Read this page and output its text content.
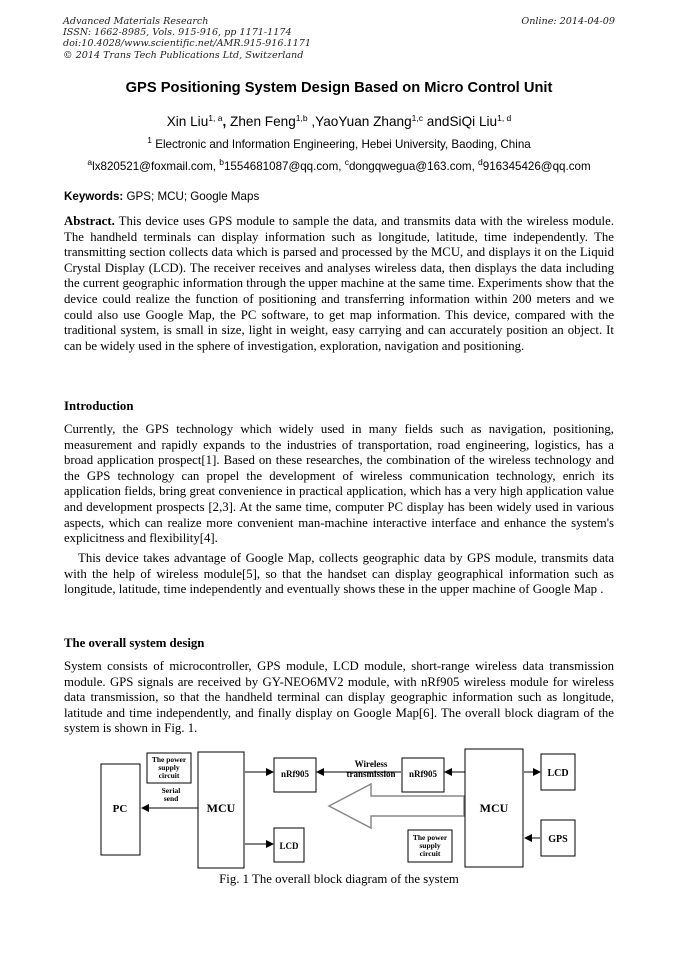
Advanced Materials Research
ISSN: 1662-8985, Vols. 915-916, pp 1171-1174
doi:10.4028/www.scientific.net/AMR.915-916.1171
© 2014 Trans Tech Publications Ltd, Switzerland
Online: 2014-04-09
GPS Positioning System Design Based on Micro Control Unit
Xin Liu$^{1, a}$, Zhen Feng$^{1,b}$ ,YaoYuan Zhang$^{1,c}$ andSiQi Liu$^{1, d}$
$^1$ Electronic and Information Engineering, Hebei University, Baoding, China
$^a$lx820521@foxmail.com, $^b$1554681087@qq.com, $^c$dongqwegua@163.com, $^d$916345426@qq.com
Keywords: GPS; MCU; Google Maps

Abstract. This device uses GPS module to sample the data, and transmits data with the wireless module. The handheld terminals can display information such as longitude, latitude, time independently. The transmitting section collects data which is parsed and processed by the MCU, and displays it on the Liquid Crystal Display (LCD). The receiver receives and analyses wireless data, then displays the data including the current geographic information through the upper machine at the same time. Experiments show that the device could realize the function of positioning and transferring information within 200 meters and we could also use Google Map, the PC software, to get map information. This device, compared with the traditional system, is small in size, light in weight, easy carrying and can accurately position an object. It can be widely used in the sphere of investigation, exploration, navigation and positioning.

Introduction

Currently, the GPS technology which widely used in many fields such as navigation, positioning, measurement and rapidly expands to the industries of transportation, road engineering, logistics, has a broad application prospect[1]. Based on these researches, the combination of the wireless technology and the GPS technology can propel the development of wireless communication technology, enrich its application fields, bring great convenience in practical application, which has a very high application value and development prospects [2,3]. At the same time, computer PC display has been widely used in various aspects, which can realize more convenient man-machine interactive interface and enhance the system's explicitness and flexibility[4].

This device takes advantage of Google Map, collects geographic data by GPS module, transmits data with the help of wireless module[5], so that the handset can display geographical information such as longitude, latitude, time independently and eventually shows these in the upper machine of Google Map .

The overall system design

System consists of microcontroller, GPS module, LCD module, short-range wireless data transmission module. GPS signals are received by GY-NEO6MV2 module, with nRf905 wireless module for wireless data transmission, so that the handheld terminal can display geographic information such as longitude, latitude and time independently, and finally display on Google Map[6]. The overall block diagram of the system is shown in Fig. 1.

PC
The power
supply
circuit
Serial
send
MCU
nRf905
LCD
Wireless
transmission nRf905
The power
supply
circuit
MCU
LCD
GPS
Fig. 1 The overall block diagram of the system
